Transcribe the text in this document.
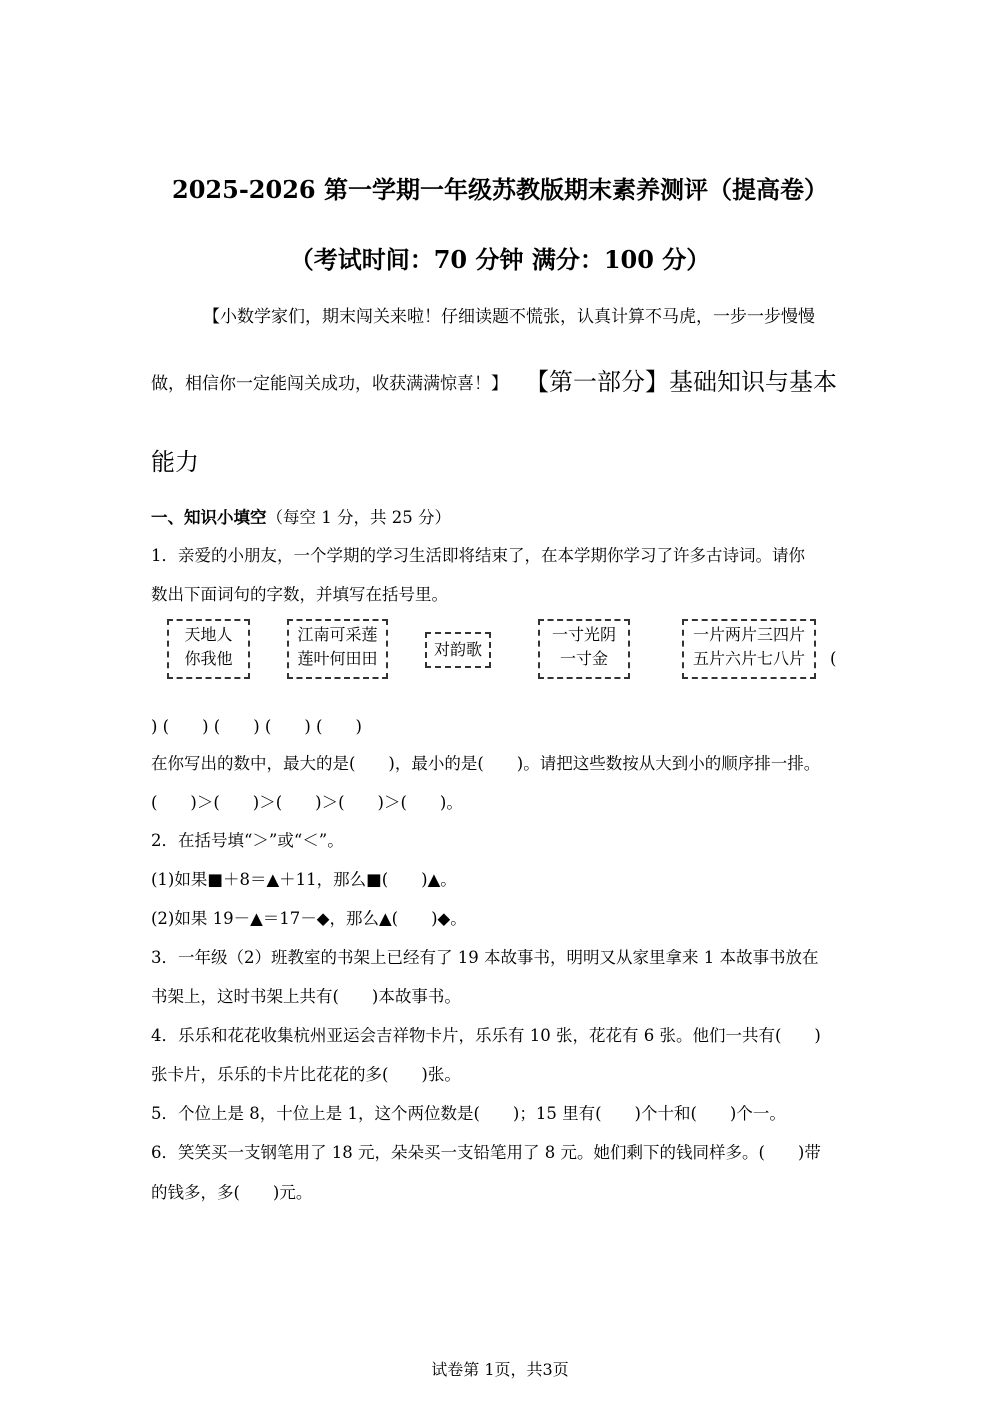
2025-2026 第一学期一年级苏教版期末素养测评（提高卷）
（考试时间：70 分钟 满分：100 分）
【小数学家们，期末闯关来啦！仔细读题不慌张，认真计算不马虎，一步一步慢慢
做，相信你一定能闯关成功，收获满满惊喜！】 【第一部分】基础知识与基本
能力
一、知识小填空（每空 1 分，共 25 分）
1．亲爱的小朋友，一个学期的学习生活即将结束了，在本学期你学习了许多古诗词。请你
数出下面词句的字数，并填写在括号里。
天地人
你我他
江南可采莲
莲叶何田田	对韵歌
一寸光阴
一寸金
一片两片三四片
五片六片七八片 (
) (　　) (　　) (　　) (　　)
在你写出的数中，最大的是(　　)，最小的是(　　)。请把这些数按从大到小的顺序排一排。
(　　)＞(　　)＞(　　)＞(　　)＞(　　)。
2．在括号填“＞”或“＜”。
(1)如果■＋8＝▲＋11，那么■(　　)▲。
(2)如果 19－▲＝17－◆，那么▲(　　)◆。
3．一年级（2）班教室的书架上已经有了 19 本故事书，明明又从家里拿来 1 本故事书放在
书架上，这时书架上共有(　　)本故事书。
4．乐乐和花花收集杭州亚运会吉祥物卡片，乐乐有 10 张，花花有 6 张。他们一共有(　　)
张卡片，乐乐的卡片比花花的多(　　)张。
5．个位上是 8，十位上是 1，这个两位数是(　　)；15 里有(　　)个十和(　　)个一。
6．笑笑买一支钢笔用了 18 元，朵朵买一支铅笔用了 8 元。她们剩下的钱同样多。(　　)带
的钱多，多(　　)元。
试卷第 1页，共3页
